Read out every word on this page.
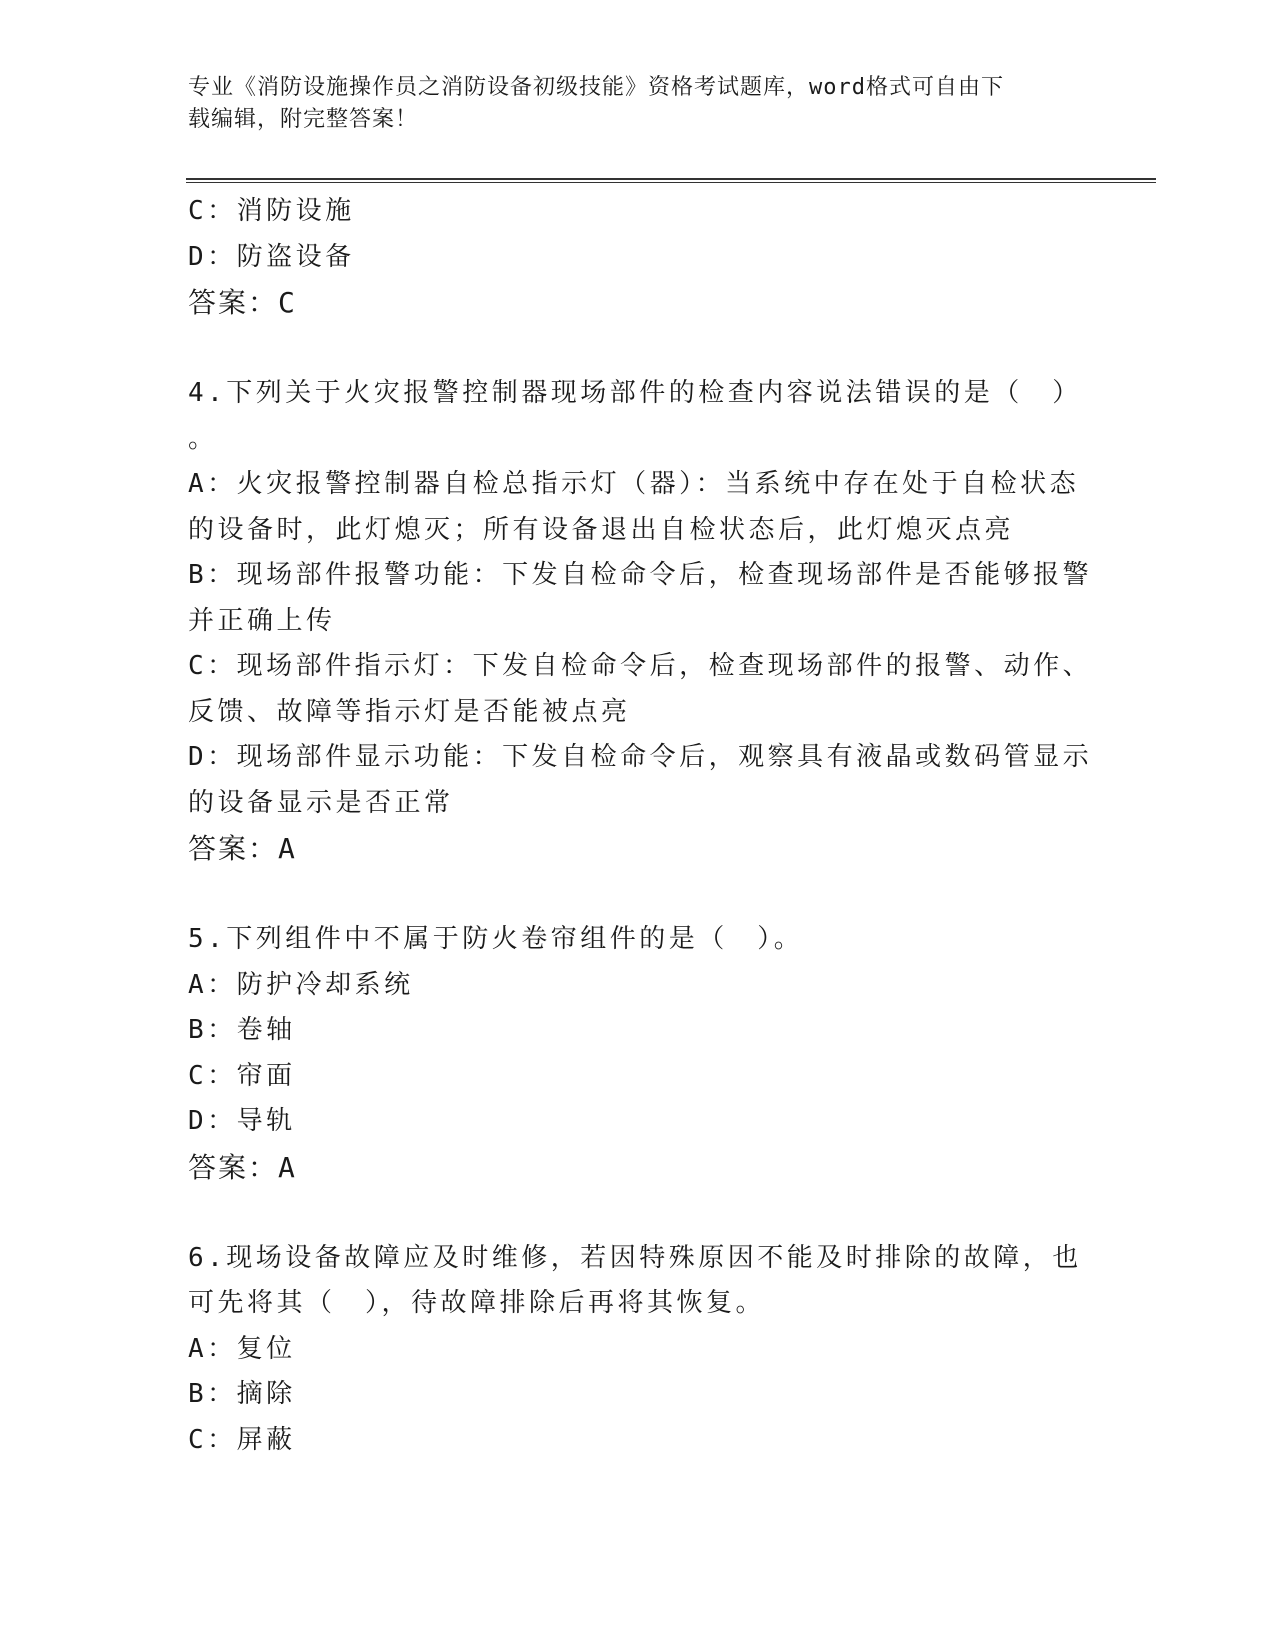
专业《消防设施操作员之消防设备初级技能》资格考试题库，word格式可自由下
载编辑，附完整答案！
C：消防设施
D：防盗设备
答案：C
4.下列关于火灾报警控制器现场部件的检查内容说法错误的是（　）
。
A：火灾报警控制器自检总指示灯（器）：当系统中存在处于自检状态
的设备时，此灯熄灭；所有设备退出自检状态后，此灯熄灭点亮
B：现场部件报警功能：下发自检命令后，检查现场部件是否能够报警
并正确上传
C：现场部件指示灯：下发自检命令后，检查现场部件的报警、动作、
反馈、故障等指示灯是否能被点亮
D：现场部件显示功能：下发自检命令后，观察具有液晶或数码管显示
的设备显示是否正常
答案：A
5.下列组件中不属于防火卷帘组件的是（　）。
A：防护冷却系统
B：卷轴
C：帘面
D：导轨
答案：A
6.现场设备故障应及时维修，若因特殊原因不能及时排除的故障，也
可先将其（　），待故障排除后再将其恢复。
A：复位
B：摘除
C：屏蔽
